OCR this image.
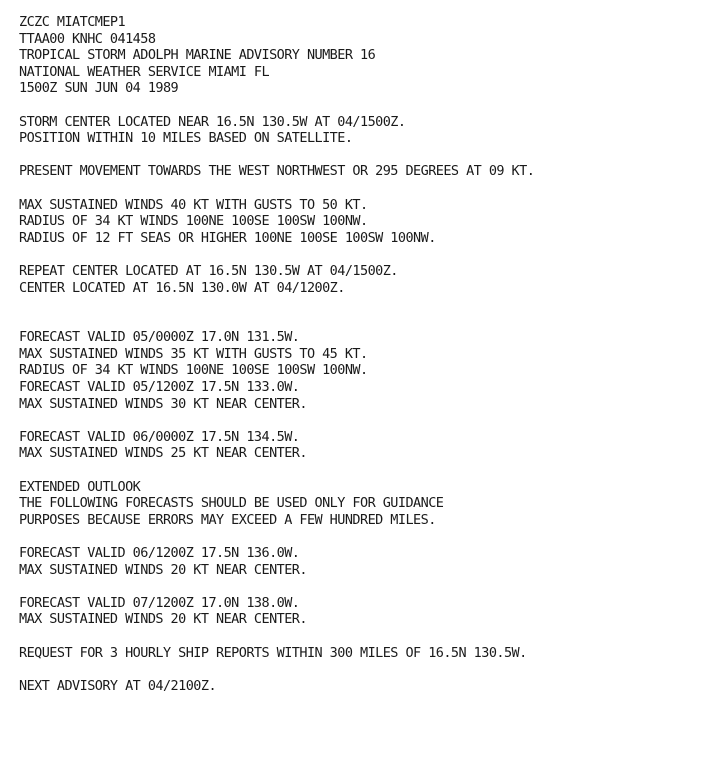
ZCZC MIATCMEP1
TTAA00 KNHC 041458
TROPICAL STORM ADOLPH MARINE ADVISORY NUMBER 16
NATIONAL WEATHER SERVICE MIAMI FL
1500Z SUN JUN 04 1989
STORM CENTER LOCATED NEAR 16.5N 130.5W AT 04/1500Z.
POSITION WITHIN 10 MILES BASED ON SATELLITE.
PRESENT MOVEMENT TOWARDS THE WEST NORTHWEST OR 295 DEGREES AT 09 KT.
MAX SUSTAINED WINDS 40 KT WITH GUSTS TO 50 KT.
RADIUS OF 34 KT WINDS 100NE 100SE 100SW 100NW.
RADIUS OF 12 FT SEAS OR HIGHER 100NE 100SE 100SW 100NW.
REPEAT CENTER LOCATED AT 16.5N 130.5W AT 04/1500Z.
CENTER LOCATED AT 16.5N 130.0W AT 04/1200Z.
FORECAST VALID 05/0000Z 17.0N 131.5W.
MAX SUSTAINED WINDS 35 KT WITH GUSTS TO 45 KT.
RADIUS OF 34 KT WINDS 100NE 100SE 100SW 100NW.
FORECAST VALID 05/1200Z 17.5N 133.0W.
MAX SUSTAINED WINDS 30 KT NEAR CENTER.
FORECAST VALID 06/0000Z 17.5N 134.5W.
MAX SUSTAINED WINDS 25 KT NEAR CENTER.
EXTENDED OUTLOOK
THE FOLLOWING FORECASTS SHOULD BE USED ONLY FOR GUIDANCE
PURPOSES BECAUSE ERRORS MAY EXCEED A FEW HUNDRED MILES.
FORECAST VALID 06/1200Z 17.5N 136.0W.
MAX SUSTAINED WINDS 20 KT NEAR CENTER.
FORECAST VALID 07/1200Z 17.0N 138.0W.
MAX SUSTAINED WINDS 20 KT NEAR CENTER.
REQUEST FOR 3 HOURLY SHIP REPORTS WITHIN 300 MILES OF 16.5N 130.5W.
NEXT ADVISORY AT 04/2100Z.
